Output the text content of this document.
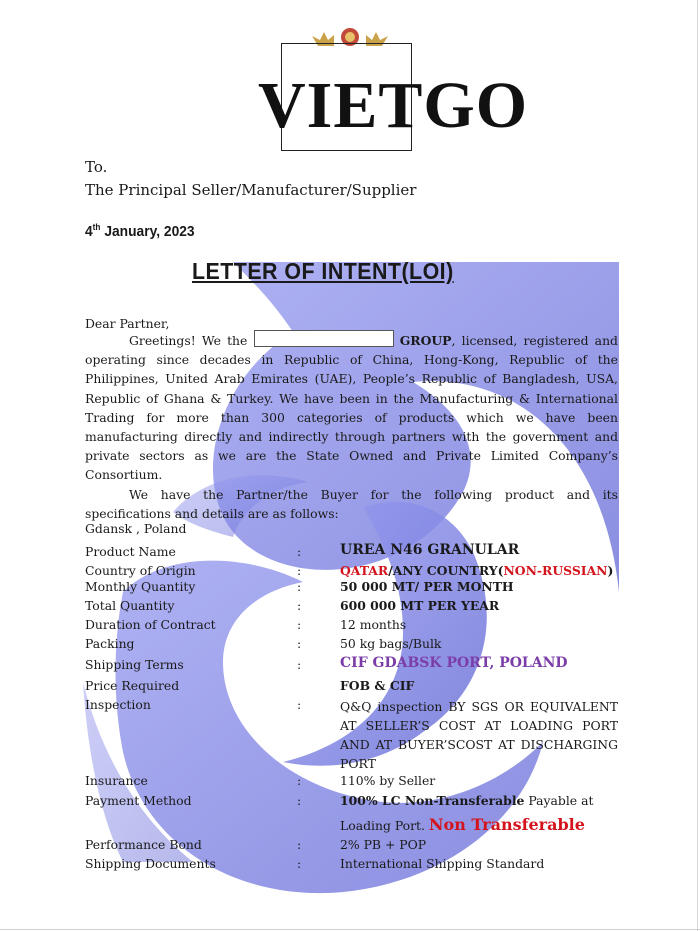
VIETGO
To.
The Principal Seller/Manufacturer/Supplier
4th January, 2023
LETTER OF INTENT(LOI)
Dear Partner,
Greetings! We the	GROUP, licensed, registered and operating since decades in Republic of China, Hong-Kong, Republic of the Philippines, United Arab Emirates (UAE), People’s Republic of Bangladesh, USA, Republic of Ghana & Turkey. We have been in the Manufacturing & International Trading for more than 300 categories of products which we have been manufacturing directly and indirectly through partners with the government and private sectors as we are the State Owned and Private Limited Company’s Consortium.
We have the Partner/the Buyer for the following product and its specifications and details are as follows:
Gdansk , Poland
Product Name	:	UREA N46 GRANULAR
Country of Origin	:	QATAR/ANY COUNTRY(NON-RUSSIAN)
Monthly Quantity	:	50 000 MT/ PER MONTH
Total Quantity	:	600 000 MT PER YEAR
Duration of Contract	:	12 months
Packing	:	50 kg bags/Bulk
Shipping Terms	:	CIF GDABSK PORT, POLAND
Price Required	FOB & CIF
Inspection	:	Q&Q inspection BY SGS OR EQUIVALENT AT SELLER’S COST AT LOADING PORT AND AT BUYER’SCOST AT DISCHARGING PORT
Insurance	:	110% by Seller
Payment Method	:	100% LC Non-Transferable Payable at
Loading Port. Non Transferable
Performance Bond	:	2% PB + POP
Shipping Documents	:	International Shipping Standard
